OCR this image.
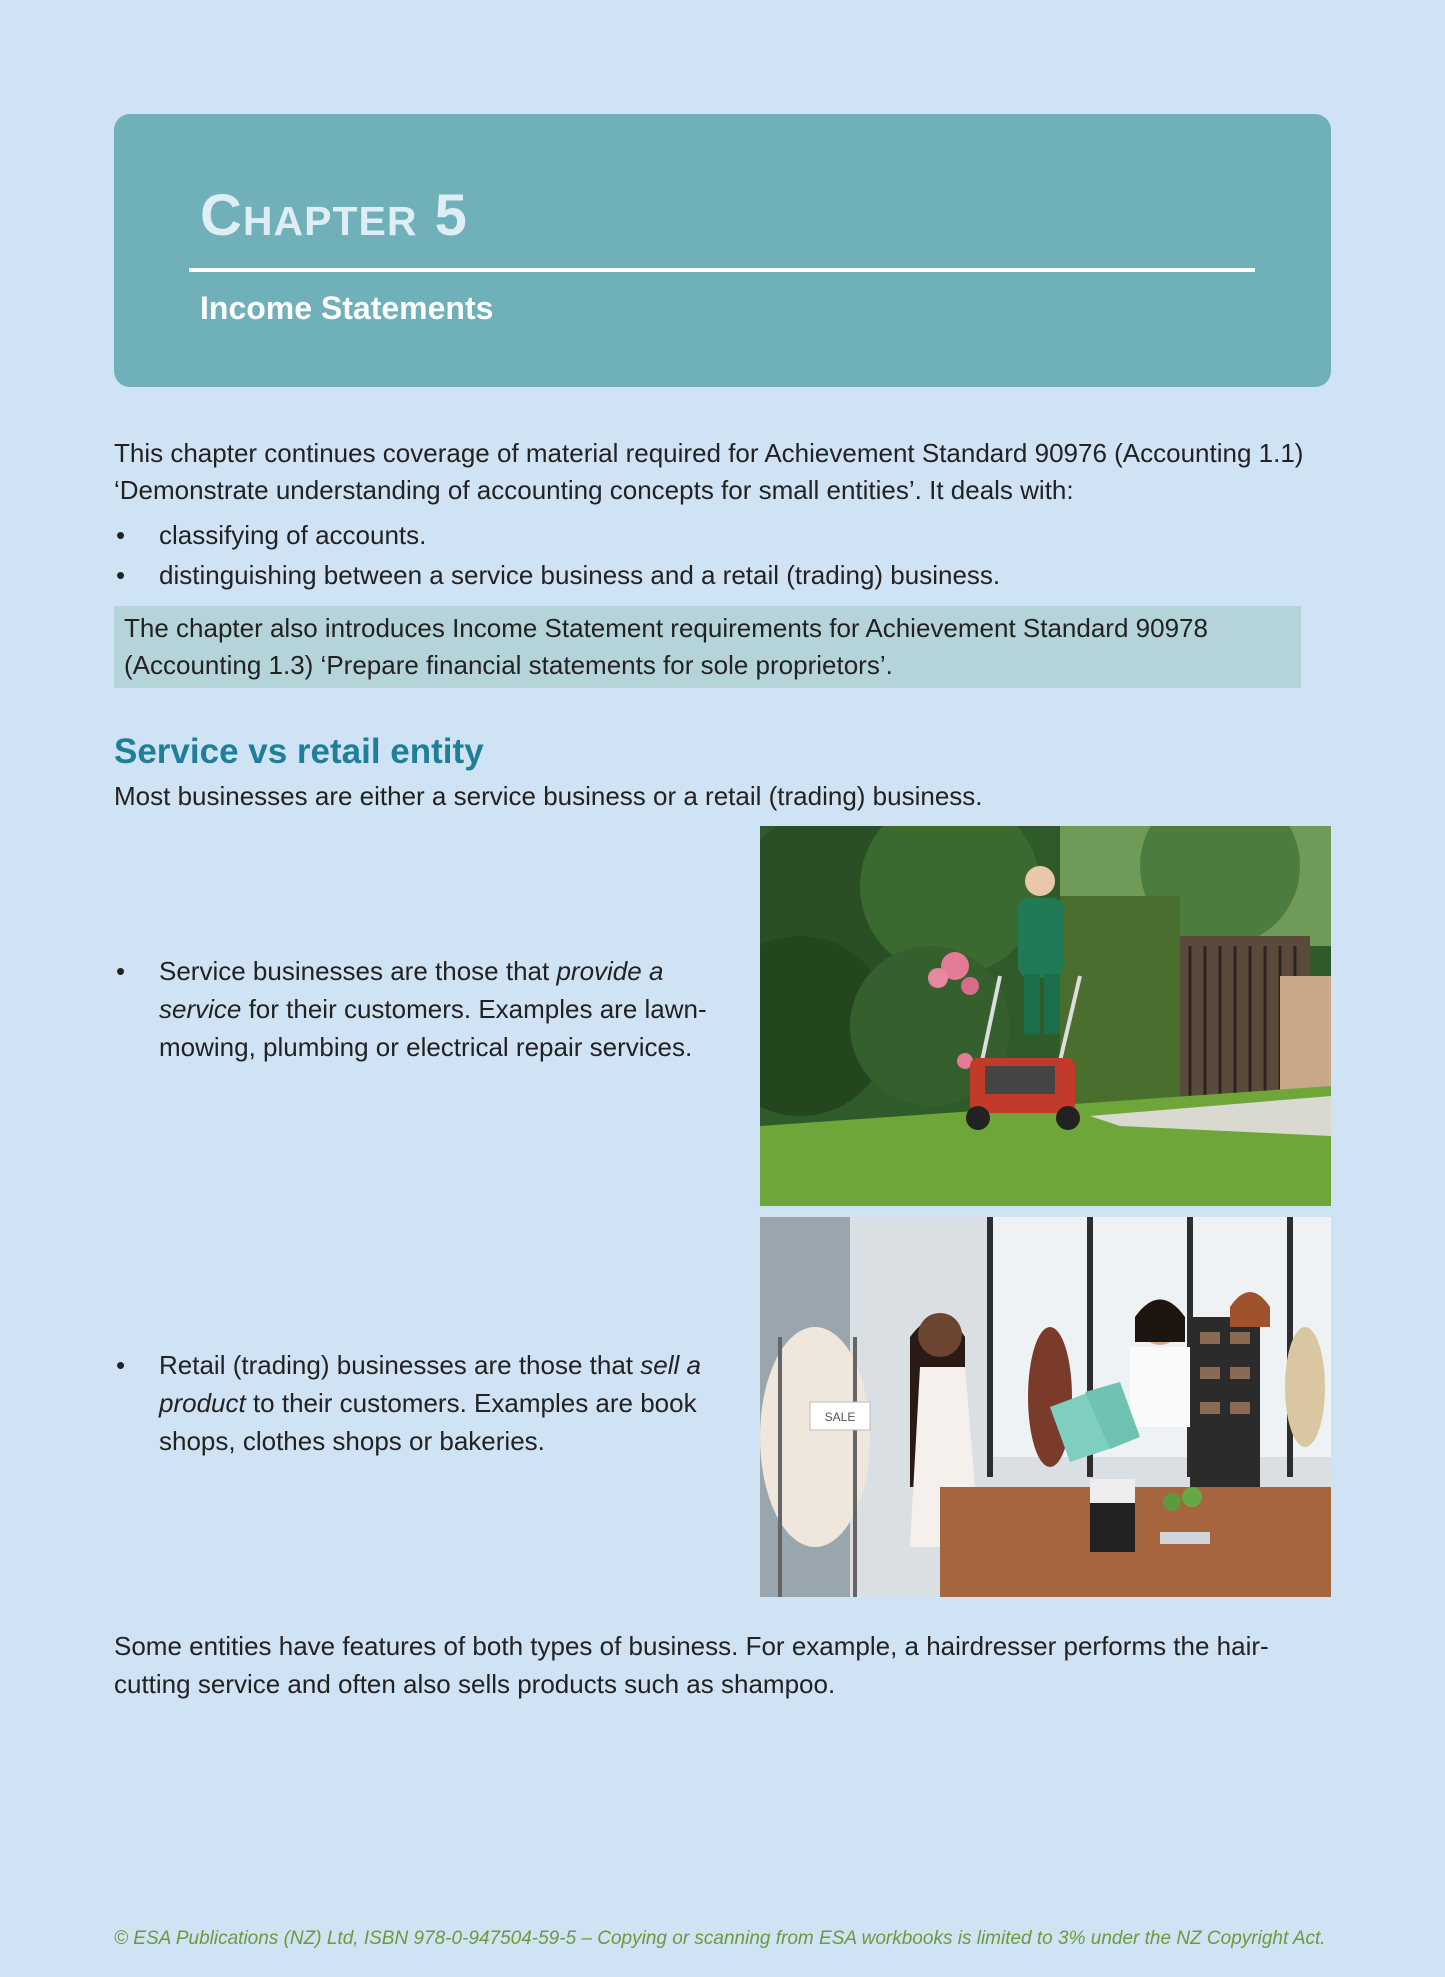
Chapter 5
Income Statements
This chapter continues coverage of material required for Achievement Standard 90976 (Accounting 1.1) ‘Demonstrate understanding of accounting concepts for small entities’. It deals with:
• classifying of accounts.
• distinguishing between a service business and a retail (trading) business.
The chapter also introduces Income Statement requirements for Achievement Standard 90978 (Accounting 1.3) ‘Prepare financial statements for sole proprietors’.
Service vs retail entity
Most businesses are either a service business or a retail (trading) business.
SALE
• Service businesses are those that provide a service for their customers. Examples are lawn-mowing, plumbing or electrical repair services.
• Retail (trading) businesses are those that sell a product to their customers. Examples are book shops, clothes shops or bakeries.
Some entities have features of both types of business. For example, a hairdresser performs the hair-cutting service and often also sells products such as shampoo.
© ESA Publications (NZ) Ltd, ISBN 978-0-947504-59-5 – Copying or scanning from ESA workbooks is limited to 3% under the NZ Copyright Act.
